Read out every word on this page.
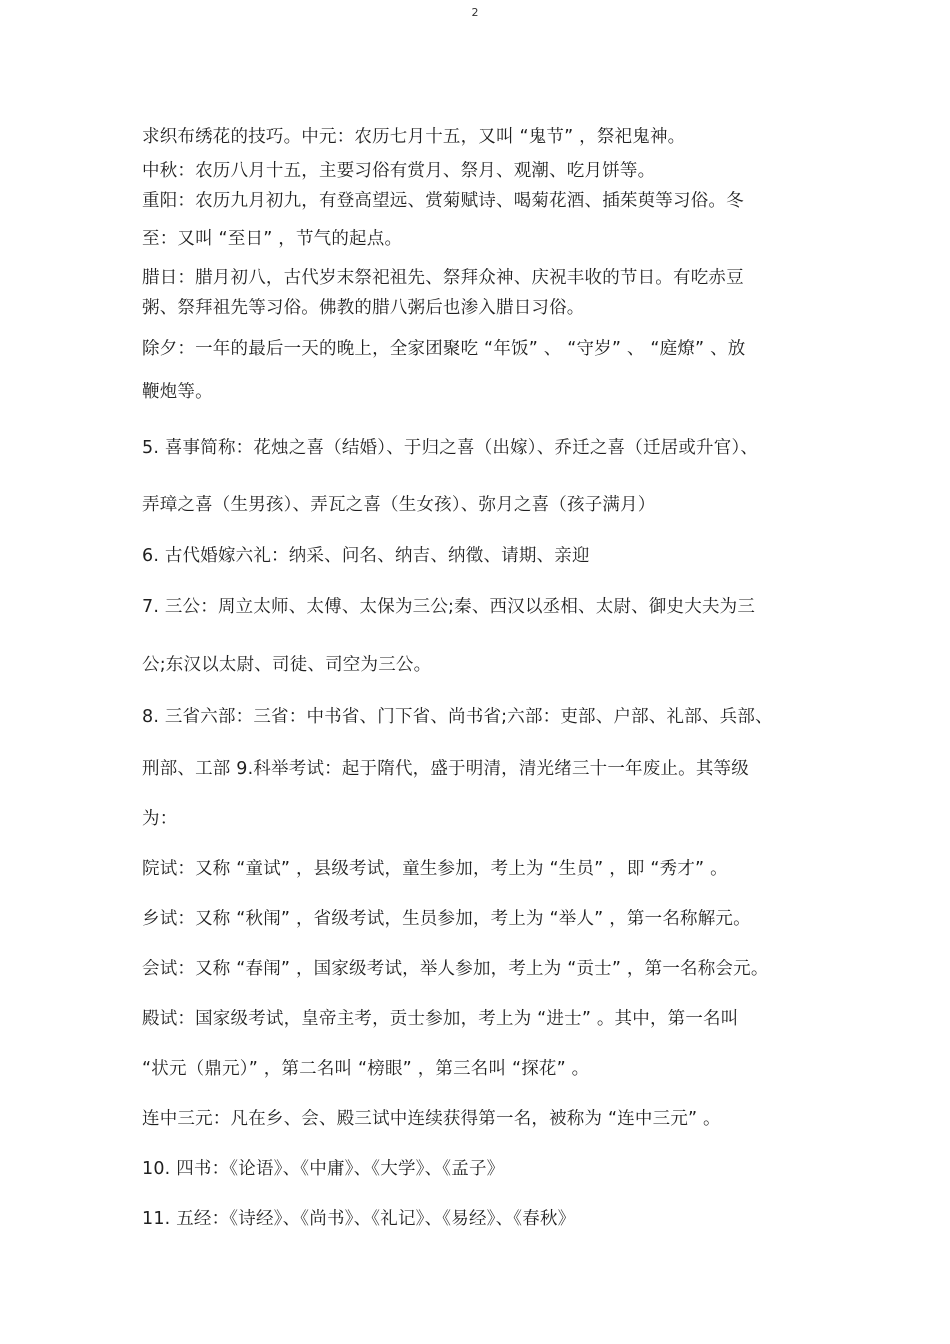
2
求织布绣花的技巧。中元：农历七月十五，又叫 “鬼节” ，祭祀鬼神。
中秋：农历八月十五，主要习俗有赏月、祭月、观潮、吃月饼等。
重阳：农历九月初九，有登高望远、赏菊赋诗、喝菊花酒、插茱萸等习俗。冬
至：又叫 “至日” ，节气的起点。
腊日：腊月初八，古代岁末祭祀祖先、祭拜众神、庆祝丰收的节日。有吃赤豆
粥、祭拜祖先等习俗。佛教的腊八粥后也渗入腊日习俗。
除夕：一年的最后一天的晚上，全家团聚吃 “年饭” 、 “守岁” 、 “庭燎” 、放
鞭炮等。
5. 喜事简称：花烛之喜（结婚）、于归之喜（出嫁）、乔迁之喜（迁居或升官）、
弄璋之喜（生男孩）、弄瓦之喜（生女孩）、弥月之喜（孩子满月）
6. 古代婚嫁六礼：纳采、问名、纳吉、纳徵、请期、亲迎
7. 三公：周立太师、太傅、太保为三公;秦、西汉以丞相、太尉、御史大夫为三
公;东汉以太尉、司徒、司空为三公。
8. 三省六部：三省：中书省、门下省、尚书省;六部：吏部、户部、礼部、兵部、
刑部、工部 9.科举考试：起于隋代，盛于明清，清光绪三十一年废止。其等级
为：
院试：又称 “童试” ，县级考试，童生参加，考上为 “生员” ，即 “秀才” 。
乡试：又称 “秋闱” ，省级考试，生员参加，考上为 “举人” ，第一名称解元。
会试：又称 “春闱” ，国家级考试，举人参加，考上为 “贡士” ，第一名称会元。
殿试：国家级考试，皇帝主考，贡士参加，考上为 “进士” 。其中，第一名叫
“状元（鼎元）” ，第二名叫 “榜眼” ，第三名叫 “探花” 。
连中三元：凡在乡、会、殿三试中连续获得第一名，被称为 “连中三元” 。
10. 四书：《论语》、《中庸》、《大学》、《孟子》
11. 五经：《诗经》、《尚书》、《礼记》、《易经》、《春秋》
